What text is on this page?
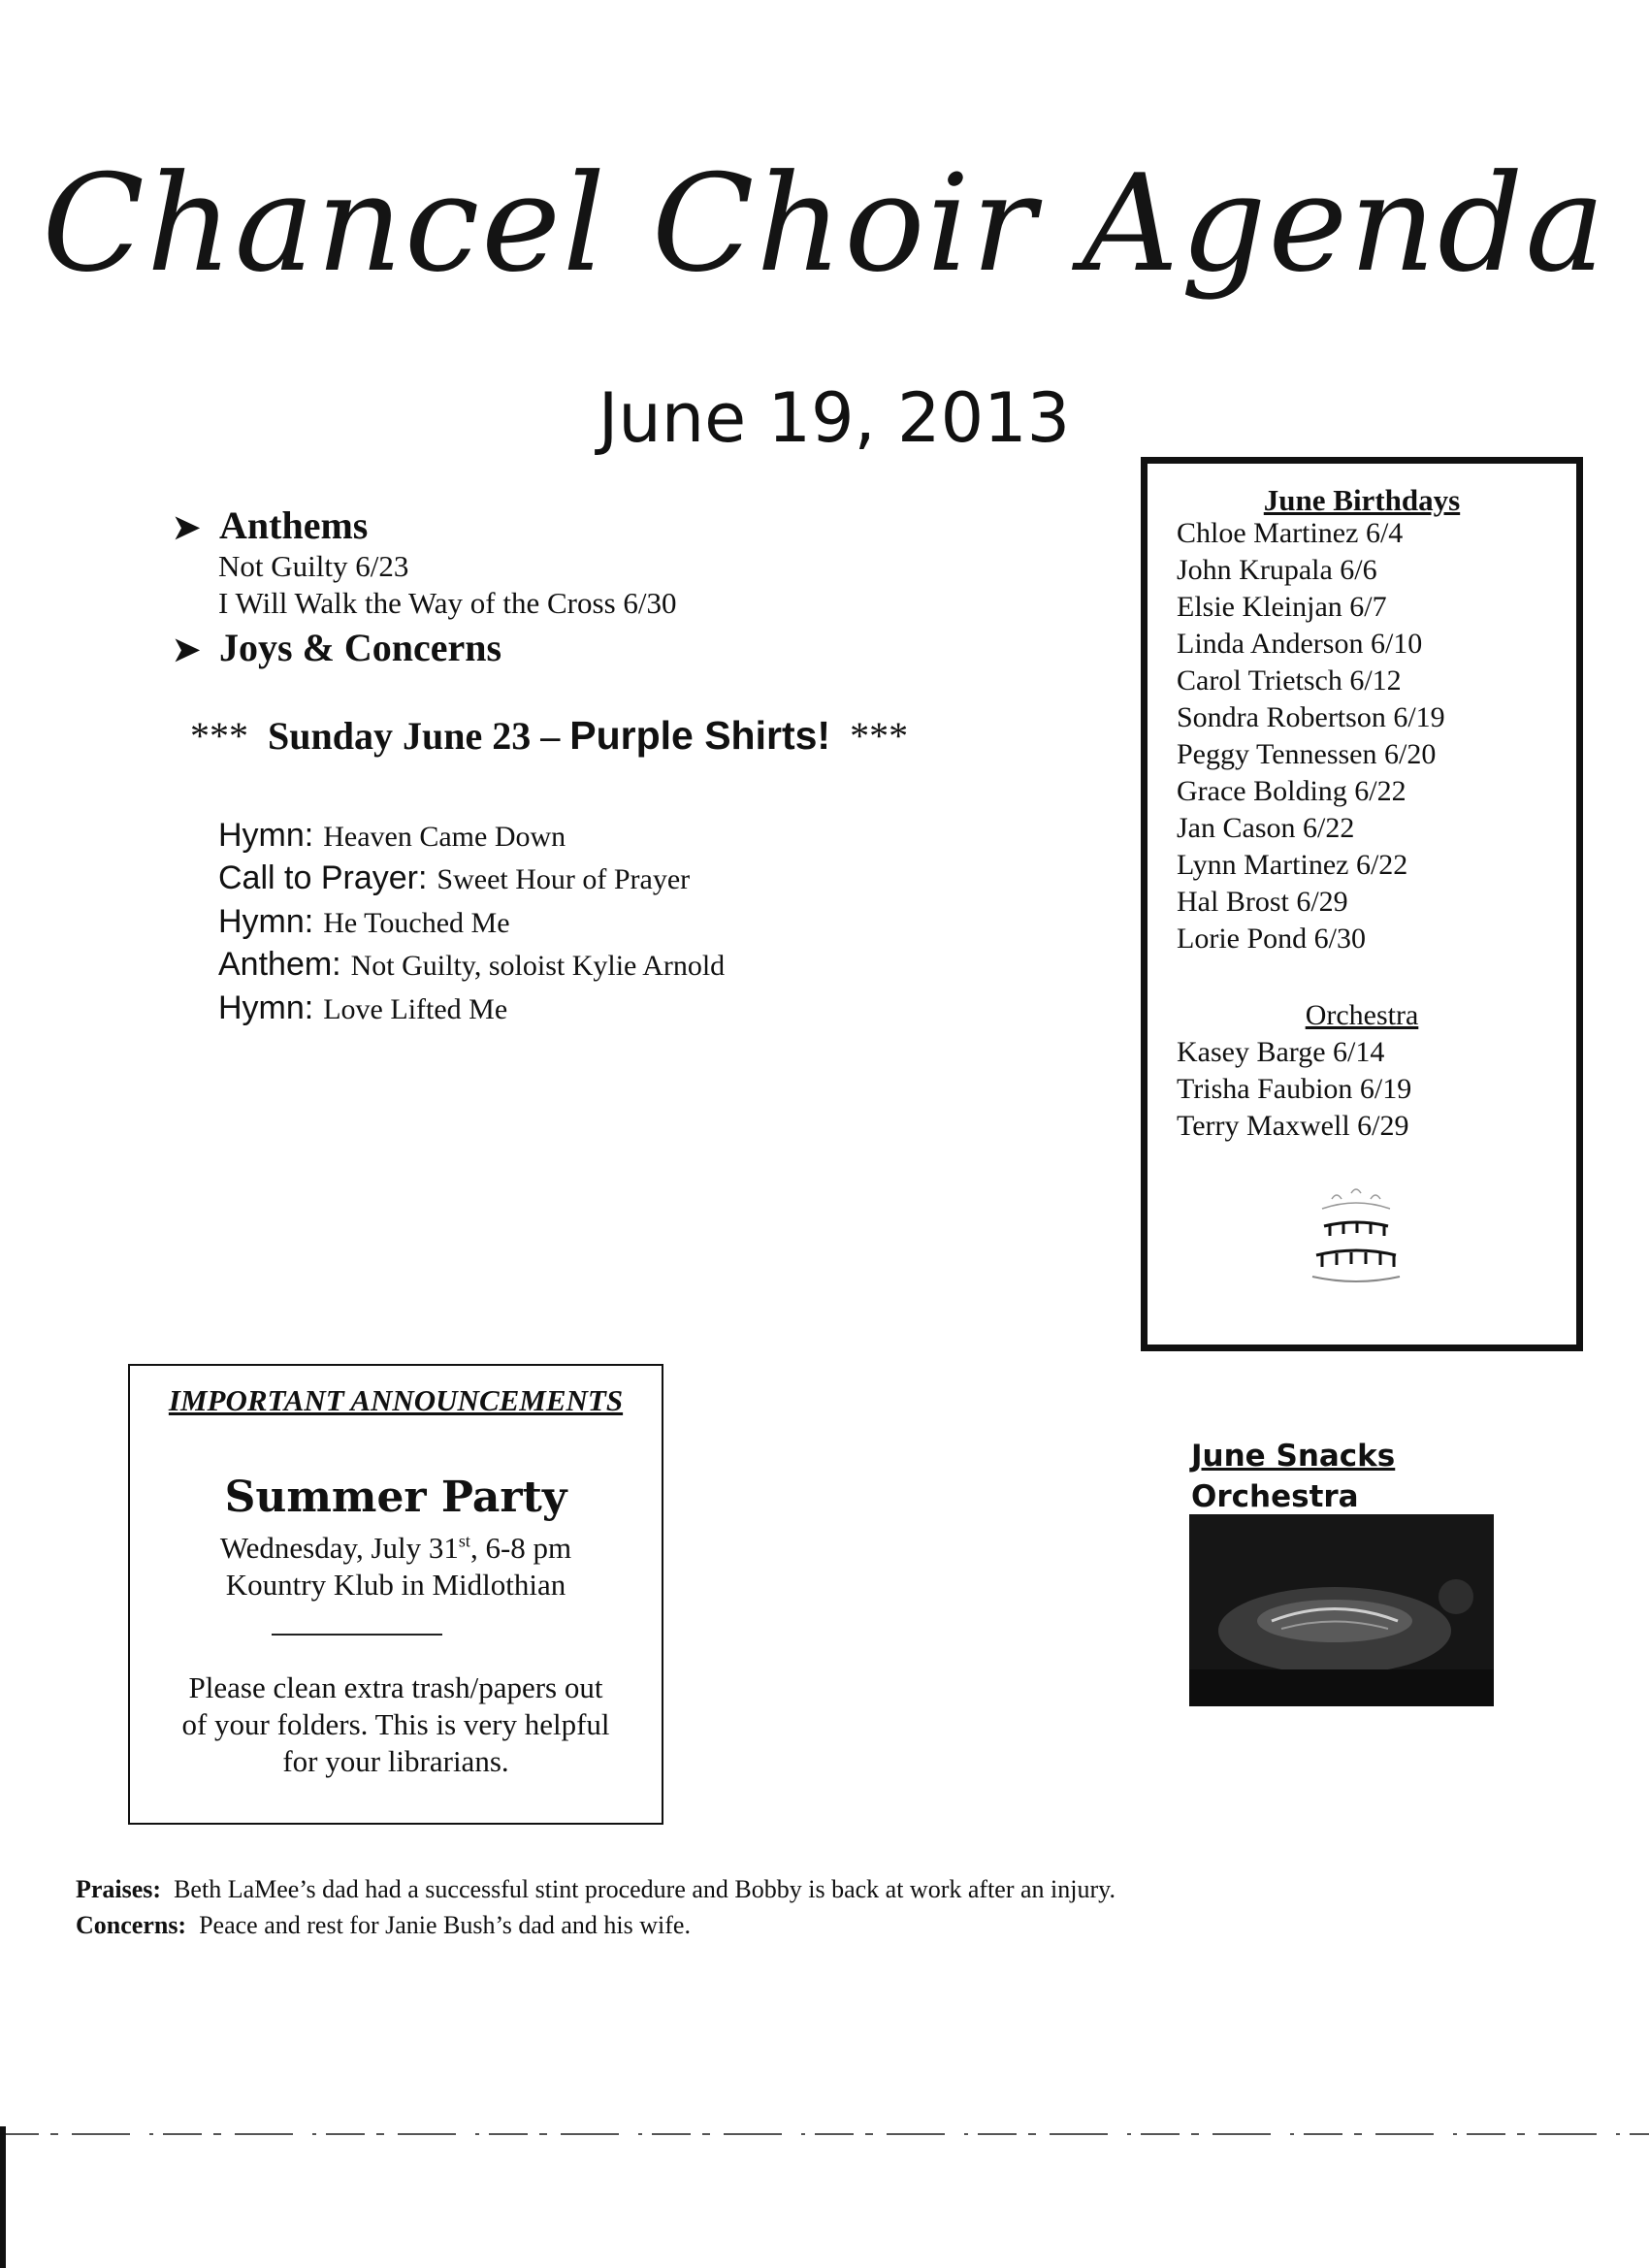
Chancel Choir Agenda
June 19, 2013
➤ Anthems
Not Guilty 6/23
I Will Walk the Way of the Cross 6/30
➤ Joys & Concerns
*** Sunday June 23 – Purple Shirts! ***
Hymn: Heaven Came Down
Call to Prayer: Sweet Hour of Prayer
Hymn: He Touched Me
Anthem: Not Guilty, soloist Kylie Arnold
Hymn: Love Lifted Me
June Birthdays
Chloe Martinez 6/4
John Krupala 6/6
Elsie Kleinjan 6/7
Linda Anderson 6/10
Carol Trietsch 6/12
Sondra Robertson 6/19
Peggy Tennessen 6/20
Grace Bolding 6/22
Jan Cason 6/22
Lynn Martinez 6/22
Hal Brost 6/29
Lorie Pond 6/30
Orchestra
Kasey Barge 6/14
Trisha Faubion 6/19
Terry Maxwell 6/29
IMPORTANT ANNOUNCEMENTS
Summer Party
Wednesday, July 31st, 6-8 pm
Kountry Klub in Midlothian
Please clean extra trash/papers out
of your folders. This is very helpful
for your librarians.
June Snacks
Orchestra
Praises: Beth LaMee’s dad had a successful stint procedure and Bobby is back at work after an injury.
Concerns: Peace and rest for Janie Bush’s dad and his wife.
